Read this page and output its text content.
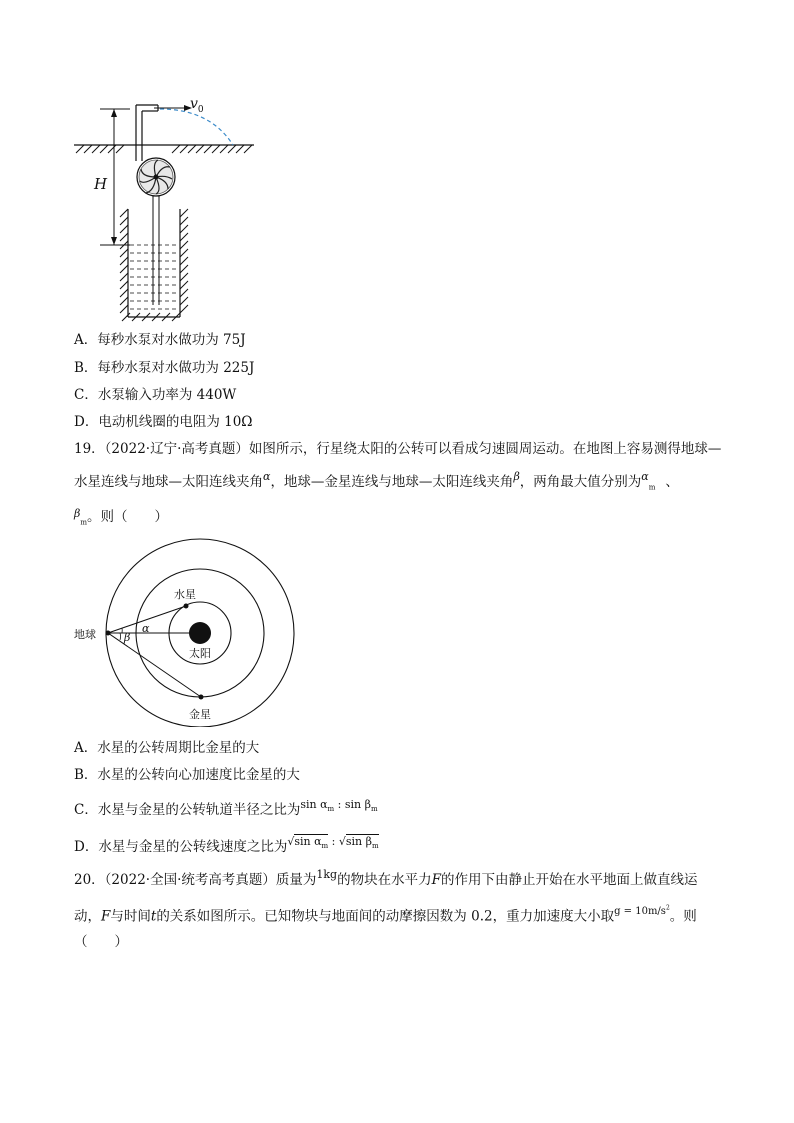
$v_0$
H
A．每秒水泵对水做功为 75J
B．每秒水泵对水做功为 225J
C．水泵输入功率为 440W
D．电动机线圈的电阻为 10Ω
19．（2022·辽宁·高考真题）如图所示，行星绕太阳的公转可以看成匀速圆周运动。在地图上容易测得地球—
水星连线与地球—太阳连线夹角$^\alpha$，地球—金星连线与地球—太阳连线夹角$^\beta$，两角最大值分别为$^\alpha_m$ 、
$^\beta_m$。则（　　）
地球
水星
太阳
金星
α
β
A．水星的公转周期比金星的大
B．水星的公转向心加速度比金星的大
C．水星与金星的公转轨道半径之比为$^{sin \alpha_m : sin \beta_m}$
D．水星与金星的公转线速度之比为$^{√sin \alpha_m : √sin \beta_m}$
20．（2022·全国·统考高考真题）质量为$^{1kg}$的物块在水平力F的作用下由静止开始在水平地面上做直线运
动，F与时间t的关系如图所示。已知物块与地面间的动摩擦因数为 0.2，重力加速度大小取$^{g = 10m/s^2}$。则
（　　）
